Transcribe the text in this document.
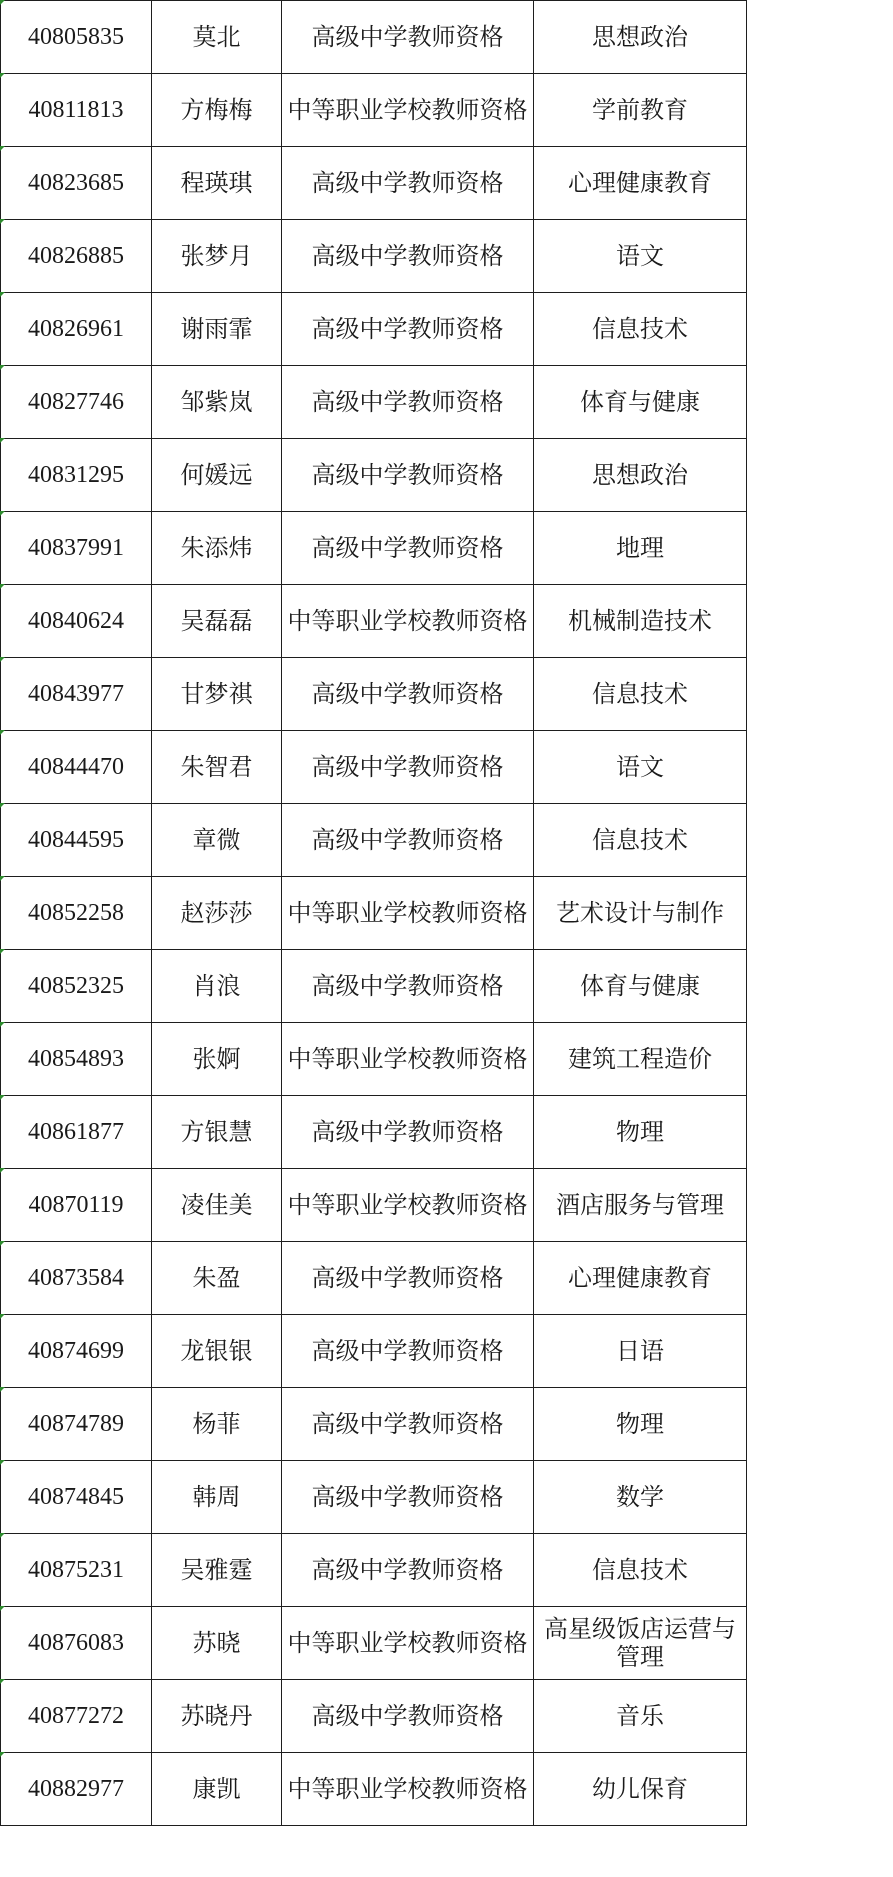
40805835	莫北	高级中学教师资格	思想政治
40811813	方梅梅	中等职业学校教师资格	学前教育
40823685	程瑛琪	高级中学教师资格	心理健康教育
40826885	张梦月	高级中学教师资格	语文
40826961	谢雨霏	高级中学教师资格	信息技术
40827746	邹紫岚	高级中学教师资格	体育与健康
40831295	何媛远	高级中学教师资格	思想政治
40837991	朱添炜	高级中学教师资格	地理
40840624	吴磊磊	中等职业学校教师资格	机械制造技术
40843977	甘梦祺	高级中学教师资格	信息技术
40844470	朱智君	高级中学教师资格	语文
40844595	章微	高级中学教师资格	信息技术
40852258	赵莎莎	中等职业学校教师资格	艺术设计与制作
40852325	肖浪	高级中学教师资格	体育与健康
40854893	张婀	中等职业学校教师资格	建筑工程造价
40861877	方银慧	高级中学教师资格	物理
40870119	凌佳美	中等职业学校教师资格	酒店服务与管理
40873584	朱盈	高级中学教师资格	心理健康教育
40874699	龙银银	高级中学教师资格	日语
40874789	杨菲	高级中学教师资格	物理
40874845	韩周	高级中学教师资格	数学
40875231	吴雅霆	高级中学教师资格	信息技术
40876083	苏晓	中等职业学校教师资格	高星级饭店运营与管理
40877272	苏晓丹	高级中学教师资格	音乐
40882977	康凯	中等职业学校教师资格	幼儿保育
